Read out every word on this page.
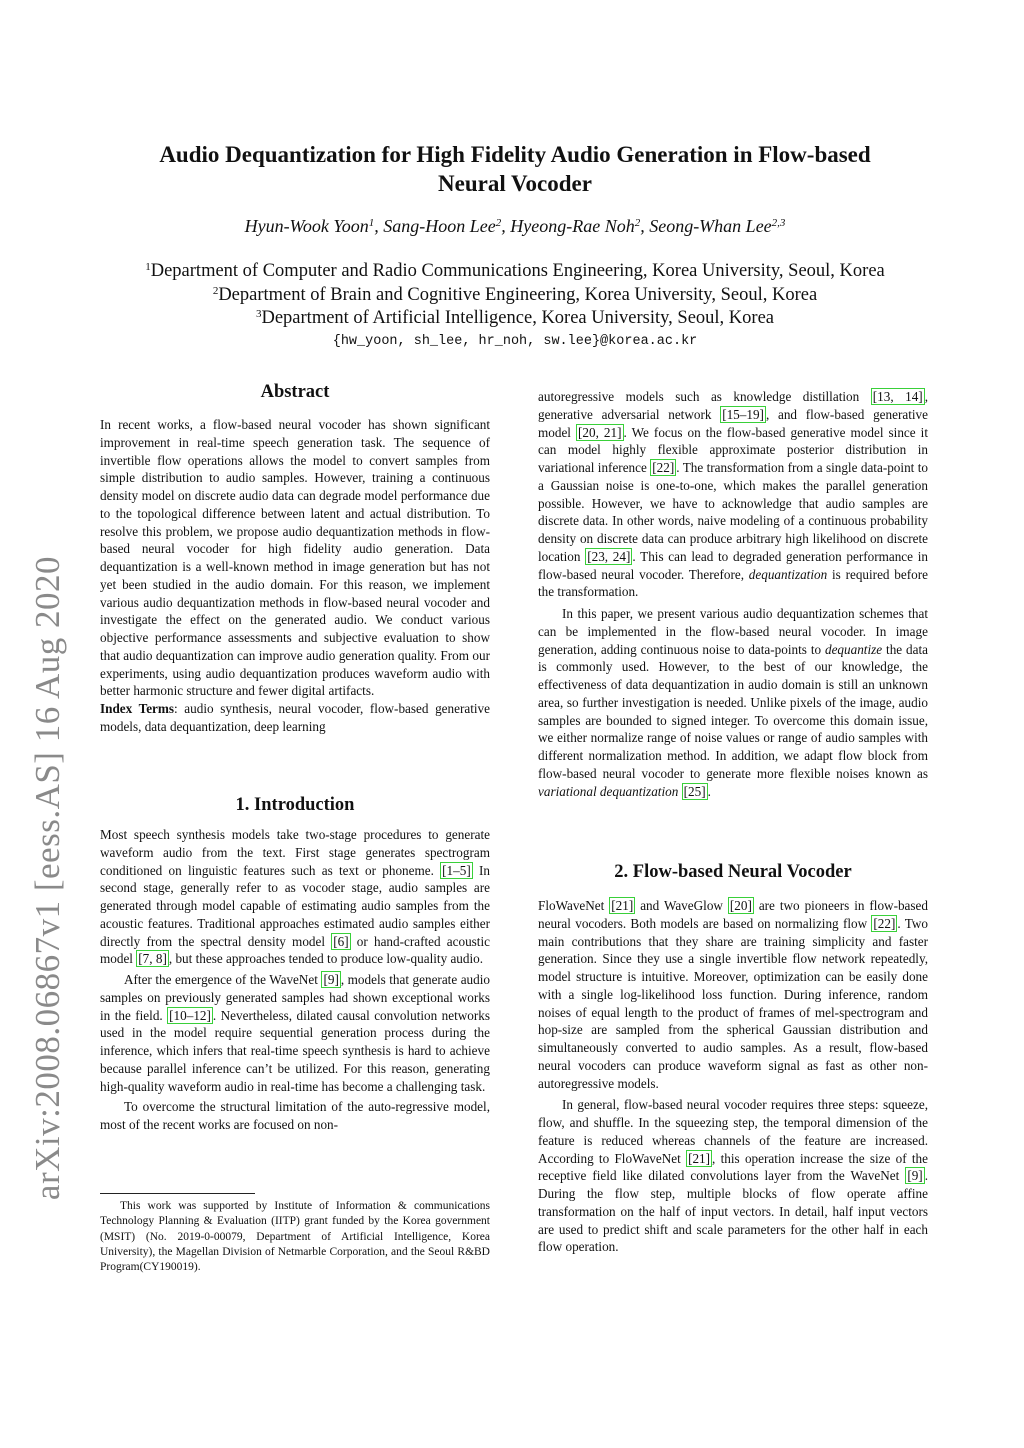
arXiv:2008.06867v1 [eess.AS] 16 Aug 2020
Audio Dequantization for High Fidelity Audio Generation in Flow-based
Neural Vocoder
Hyun-Wook Yoon$^1$, Sang-Hoon Lee$^2$, Hyeong-Rae Noh$^2$, Seong-Whan Lee$^{2,3}$
$^1$Department of Computer and Radio Communications Engineering, Korea University, Seoul, Korea
$^2$Department of Brain and Cognitive Engineering, Korea University, Seoul, Korea
$^3$Department of Artificial Intelligence, Korea University, Seoul, Korea
{hw_yoon, sh_lee, hr_noh, sw.lee}@korea.ac.kr
Abstract

In recent works, a flow-based neural vocoder has shown significant improvement in real-time speech generation task. The sequence of invertible flow operations allows the model to convert samples from simple distribution to audio samples. However, training a continuous density model on discrete audio data can degrade model performance due to the topological difference between latent and actual distribution. To resolve this problem, we propose audio dequantization methods in flow-based neural vocoder for high fidelity audio generation. Data dequantization is a well-known method in image generation but has not yet been studied in the audio domain. For this reason, we implement various audio dequantization methods in flow-based neural vocoder and investigate the effect on the generated audio. We conduct various objective performance assessments and subjective evaluation to show that audio dequantization can improve audio generation quality. From our experiments, using audio dequantization produces waveform audio with better harmonic structure and fewer digital artifacts.

Index Terms: audio synthesis, neural vocoder, flow-based generative models, data dequantization, deep learning

1. Introduction

Most speech synthesis models take two-stage procedures to generate waveform audio from the text. First stage generates spectrogram conditioned on linguistic features such as text or phoneme. [1–5] In second stage, generally refer to as vocoder stage, audio samples are generated through model capable of estimating audio samples from the acoustic features. Traditional approaches estimated audio samples either directly from the spectral density model [6] or hand-crafted acoustic model [7, 8] , but these approaches tended to produce low-quality audio.

After the emergence of the WaveNet [9] , models that generate audio samples on previously generated samples had shown exceptional works in the field. [10–12] . Nevertheless, dilated causal convolution networks used in the model require sequential generation process during the inference, which infers that real-time speech synthesis is hard to achieve because parallel inference can’t be utilized. For this reason, generating high-quality waveform audio in real-time has become a challenging task.

To overcome the structural limitation of the auto-regressive model, most of the recent works are focused on non-

This work was supported by Institute of Information & communications Technology Planning & Evaluation (IITP) grant funded by the Korea government (MSIT) (No. 2019-0-00079, Department of Artificial Intelligence, Korea University), the Magellan Division of Netmarble Corporation, and the Seoul R&BD Program(CY190019).

autoregressive models such as knowledge distillation [13, 14] , generative adversarial network [15–19] , and flow-based generative model [20, 21] . We focus on the flow-based generative model since it can model highly flexible approximate posterior distribution in variational inference [22] . The transformation from a single data-point to a Gaussian noise is one-to-one, which makes the parallel generation possible. However, we have to acknowledge that audio samples are discrete data. In other words, naive modeling of a continuous probability density on discrete data can produce arbitrary high likelihood on discrete location [23, 24] . This can lead to degraded generation performance in flow-based neural vocoder. Therefore, dequantization is required before the transformation.

In this paper, we present various audio dequantization schemes that can be implemented in the flow-based neural vocoder. In image generation, adding continuous noise to data-points to dequantize the data is commonly used. However, to the best of our knowledge, the effectiveness of data dequantization in audio domain is still an unknown area, so further investigation is needed. Unlike pixels of the image, audio samples are bounded to signed integer. To overcome this domain issue, we either normalize range of noise values or range of audio samples with different normalization method. In addition, we adapt flow block from flow-based neural vocoder to generate more flexible noises known as variational dequantization [25] .

2. Flow-based Neural Vocoder

FloWaveNet [21] and WaveGlow [20] are two pioneers in flow-based neural vocoders. Both models are based on normalizing flow [22] . Two main contributions that they share are training simplicity and faster generation. Since they use a single invertible flow network repeatedly, model structure is intuitive. Moreover, optimization can be easily done with a single log-likelihood loss function. During inference, random noises of equal length to the product of frames of mel-spectrogram and hop-size are sampled from the spherical Gaussian distribution and simultaneously converted to audio samples. As a result, flow-based neural vocoders can produce waveform signal as fast as other non-autoregressive models.

In general, flow-based neural vocoder requires three steps: squeeze, flow, and shuffle. In the squeezing step, the temporal dimension of the feature is reduced whereas channels of the feature are increased. According to FloWaveNet [21] , this operation increase the size of the receptive field like dilated convolutions layer from the WaveNet [9] . During the flow step, multiple blocks of flow operate affine transformation on the half of input vectors. In detail, half input vectors are used to predict shift and scale parameters for the other half in each flow operation.
